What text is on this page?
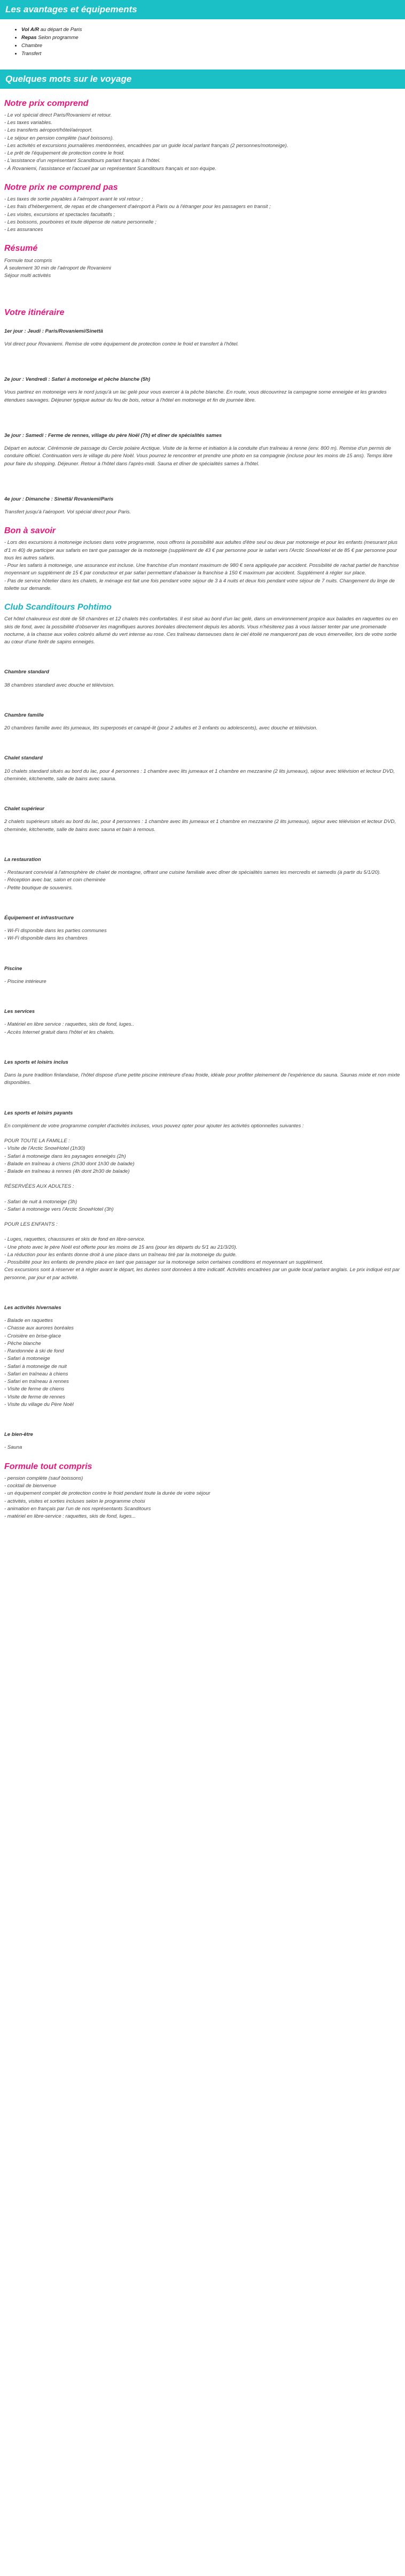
Les avantages et équipements
• Vol A/R au départ de Paris
• Repas Selon programme
• Chambre
• Transfert
Quelques mots sur le voyage
Notre prix comprend
- Le vol spécial direct Paris/Rovaniemi et retour.
- Les taxes variables.
- Les transferts aéroport/hôtel/aéroport.
- Le séjour en pension complète (sauf boissons).
- Les activités et excursions journalières mentionnées, encadrées par un guide local parlant français (2 personnes/motoneige).
- Le prêt de l'équipement de protection contre le froid.
- L'assistance d'un représentant Scanditours parlant français à l'hôtel.
- À Rovaniemi, l'assistance et l'accueil par un représentant Scanditours français et son équipe.
Notre prix ne comprend pas
- Les taxes de sortie payables à l'aéroport avant le vol retour ;
- Les frais d'hébergement, de repas et de changement d'aéroport à Paris ou à l'étranger pour les passagers en transit ;
- Les visites, excursions et spectacles facultatifs ;
- Les boissons, pourboires et toute dépense de nature personnelle ;
- Les assurances
Résumé
Formule tout compris
À seulement 30 min de l'aéroport de Rovaniemi
Séjour multi activités
Votre itinéraire
1er jour : Jeudi : Paris/Rovaniemi/Sinettä
Vol direct pour Rovaniemi. Remise de votre équipement de protection contre le froid et transfert à l'hôtel.
2e jour : Vendredi : Safari à motoneige et pêche blanche (5h)
Vous partirez en motoneige vers le nord jusqu'à un lac gelé pour vous exercer à la pêche blanche. En route, vous découvrirez la campagne some enneigée et les grandes étendues sauvages. Déjeuner typique autour du feu de bois, retour à l'hôtel en motoneige et fin de journée libre.
3e jour : Samedi : Ferme de rennes, village du père Noël (7h) et dîner de spécialités sames
Départ en autocar. Cérémonie de passage du Cercle polaire Arctique. Visite de la ferme et initiation à la conduite d'un traîneau à renne (env. 800 m). Remise d'un permis de conduire officiel. Continuation vers le village du père Noël. Vous pourrez le rencontrer et prendre une photo en sa compagnie (incluse pour les moins de 15 ans). Temps libre pour faire du shopping. Déjeuner. Retour à l'hôtel dans l'après-midi. Sauna et dîner de spécialités sames à l'hôtel.
4e jour : Dimanche : Sinettä/ Rovaniemi/Paris
Transfert jusqu'à l'aéroport. Vol spécial direct pour Paris.
Bon à savoir
- Lors des excursions à motoneige incluses dans votre programme, nous offrons la possibilité aux adultes d'être seul ou deux par motoneige et pour les enfants (mesurant plus d'1 m 40) de participer aux safaris en tant que passager de la motoneige (supplément de 43 € par personne pour le safari vers l'Arctic SnowHotel et de 85 € par personne pour tous les autres safaris.
- Pour les safaris à motoneige, une assurance est incluse. Une franchise d'un montant maximum de 980 € sera appliquée par accident. Possibilité de rachat partiel de franchise moyennant un supplément de 15 € par conducteur et par safari permettant d'abaisser la franchise à 150 € maximum par accident. Supplément à régler sur place.
- Pas de service hôtelier dans les chalets, le ménage est fait une fois pendant votre séjour de 3 à 4 nuits et deux fois pendant votre séjour de 7 nuits. Changement du linge de toilette sur demande.
Club Scanditours Pohtimo
Cet hôtel chaleureux est doté de 58 chambres et 12 chalets très confortables. Il est situé au bord d'un lac gelé, dans un environnement propice aux balades en raquettes ou en skis de fond, avec la possibilité d'observer les magnifiques aurores boréales directement depuis les abords. Vous n'hésiterez pas à vous laisser tenter par une promenade nocturne, à la chasse aux voiles colorés allumé du vert intense au rose. Ces traîneau danseuses dans le ciel étoilé ne manqueront pas de vous émerveiller, lors de votre sortie au cœur d'une forêt de sapins enneigés.
Chambre standard
38 chambres standard avec douche et télévision.
Chambre famille
20 chambres famille avec lits jumeaux, lits superposés et canapé-lit (pour 2 adultes et 3 enfants ou adolescents), avec douche et télévision.
Chalet standard
10 chalets standard situés au bord du lac, pour 4 personnes : 1 chambre avec lits jumeaux et 1 chambre en mezzanine (2 lits jumeaux), séjour avec télévision et lecteur DVD, cheminée, kitchenette, salle de bains avec sauna.
Chalet supérieur
2 chalets supérieurs situés au bord du lac, pour 4 personnes : 1 chambre avec lits jumeaux et 1 chambre en mezzanine (2 lits jumeaux), séjour avec télévision et lecteur DVD, cheminée, kitchenette, salle de bains avec sauna et bain à remous.
La restauration
- Restaurant convivial à l'atmosphère de chalet de montagne, offrant une cuisine familiale avec dîner de spécialités sames les mercredis et samedis (à partir du 5/1/20).
- Réception avec bar, salon et coin cheminée
- Petite boutique de souvenirs.
Équipement et infrastructure
- Wi-Fi disponible dans les parties communes
- Wi-Fi disponible dans les chambres
Piscine
- Piscine intérieure
Les services
- Matériel en libre service : raquettes, skis de fond, luges..
- Accès Internet gratuit dans l'hôtel et les chalets.
Les sports et loisirs inclus
Dans la pure tradition finlandaise, l'hôtel dispose d'une petite piscine intérieure d'eau froide, idéale pour profiter pleinement de l'expérience du sauna. Saunas mixte et non mixte disponibles.
Les sports et loisirs payants
En complément de votre programme complet d'activités incluses, vous pouvez opter pour ajouter les activités optionnelles suivantes :
POUR TOUTE LA FAMILLE :
- Visite de l'Arctic SnowHotel (1h30)
- Safari à motoneige dans les paysages enneigés (2h)
- Balade en traîneau à chiens (2h30 dont 1h30 de balade)
- Balade en traîneau à rennes (4h dont 2h30 de balade)
RÉSERVÉES AUX ADULTES :
- Safari de nuit à motoneige (3h)
- Safari à motoneige vers l'Arctic SnowHotel (3h)
POUR LES ENFANTS :
- Luges, raquettes, chaussures et skis de fond en libre-service.
- Une photo avec le père Noël est offerte pour les moins de 15 ans (pour les départs du 5/1 au 21/3/20).
- La réduction pour les enfants donne droit à une place dans un traîneau tiré par la motoneige du guide.
- Possibilité pour les enfants de prendre place en tant que passager sur la motoneige selon certaines conditions et moyennant un supplément.
Ces excursions sont à réserver et à régler avant le départ, les durées sont données à titre indicatif. Activités encadrées par un guide local parlant anglais. Le prix indiqué est par personne, par jour et par activité.
Les activités hivernales
- Balade en raquettes
- Chasse aux aurores boréales
- Croisière en brise-glace
- Pêche blanche
- Randonnée à ski de fond
- Safari à motoneige
- Safari à motoneige de nuit
- Safari en traîneau à chiens
- Safari en traîneau à rennes
- Visite de ferme de chiens
- Visite de ferme de rennes
- Visite du village du Père Noël
Le bien-être
- Sauna
Formule tout compris
- pension complète (sauf boissons)
- cocktail de bienvenue
- un équipement complet de protection contre le froid pendant toute la durée de votre séjour
- activités, visites et sorties incluses selon le programme choisi
- animation en français par l'un de nos représentants Scanditours
- matériel en libre-service : raquettes, skis de fond, luges...
